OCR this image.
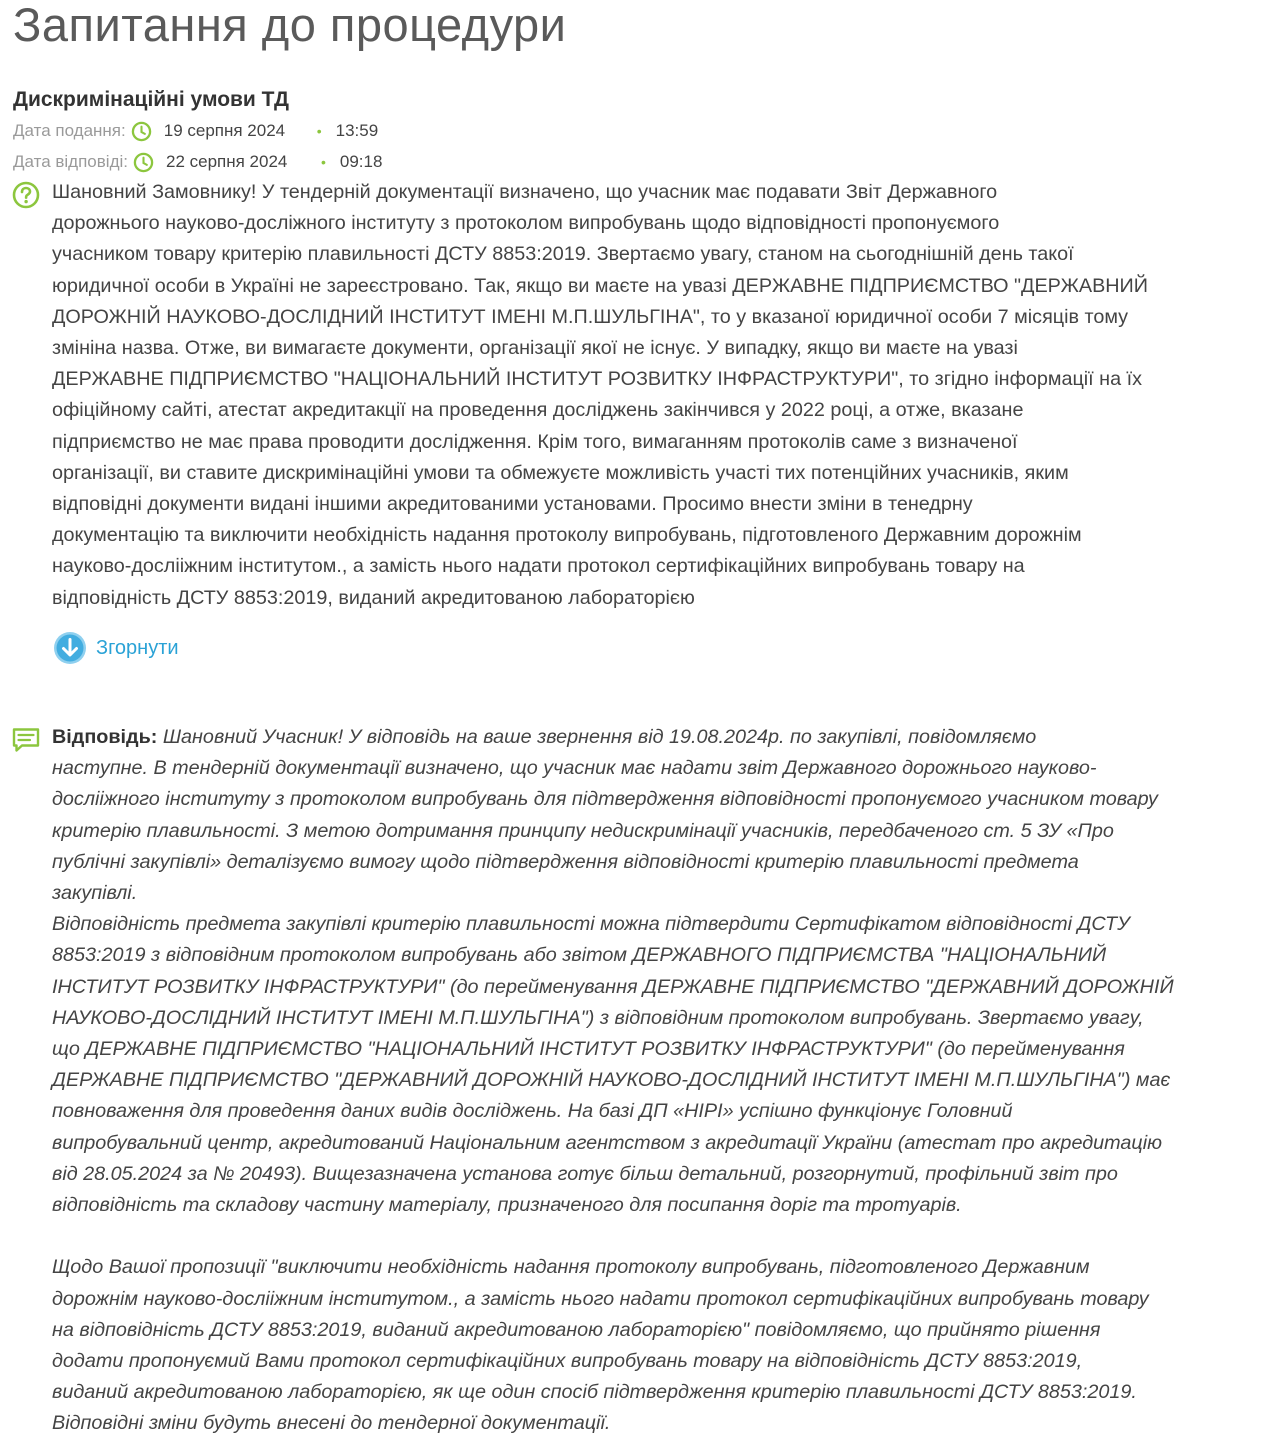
Запитання до процедури
Дискримінаційні умови ТД
Дата подання: 19 серпня 2024	• 13:59
Дата відповіді: 22 серпня 2024	• 09:18
Шановний Замовнику! У тендерній документації визначено, що учасник має подавати Звіт Державного
дорожнього науково-досліжного інституту з протоколом випробувань щодо відповідності пропонуємого
учасником товару критерію плавильності ДСТУ 8853:2019. Звертаємо увагу, станом на сьогоднішній день такої
юридичної особи в Україні не зареєстровано. Так, якщо ви маєте на увазі ДЕРЖАВНЕ ПІДПРИЄМСТВО "ДЕРЖАВНИЙ
ДОРОЖНІЙ НАУКОВО-ДОСЛІДНИЙ ІНСТИТУТ ІМЕНІ М.П.ШУЛЬГІНА", то у вказаної юридичної особи 7 місяців тому
змініна назва. Отже, ви вимагаєте документи, організації якої не існує. У випадку, якщо ви маєте на увазі
ДЕРЖАВНЕ ПІДПРИЄМСТВО "НАЦІОНАЛЬНИЙ ІНСТИТУТ РОЗВИТКУ ІНФРАСТРУКТУРИ", то згідно інформації на їх
офіційному сайті, атестат акредитакції на проведення досліджень закінчився у 2022 році, а отже, вказане
підприємство не має права проводити дослідження. Крім того, вимаганням протоколів саме з визначеної
організації, ви ставите дискримінаційні умови та обмежуєте можливість участі тих потенційних учасників, яким
відповідні документи видані іншими акредитованими установами. Просимо внести зміни в тенедрну
документацію та виключити необхідність надання протоколу випробувань, підготовленого Державним дорожнім
науково-дослііжним інститутом., а замість нього надати протокол сертифікаційних випробувань товару на
відповідність ДСТУ 8853:2019, виданий акредитованою лабораторією
Згорнути
Відповідь: Шановний Учасник! У відповідь на ваше звернення від 19.08.2024р. по закупівлі, повідомляємо
наступне. В тендерній документації визначено, що учасник має надати звіт Державного дорожнього науково-
дослііжного інституту з протоколом випробувань для підтвердження відповідності пропонуємого учасником товару
критерію плавильності. З метою дотримання принципу недискримінації учасників, передбаченого ст. 5 ЗУ «Про
публічні закупівлі» деталізуємо вимогу щодо підтвердження відповідності критерію плавильності предмета
закупівлі.
Відповідність предмета закупівлі критерію плавильності можна підтвердити Сертифікатом відповідності ДСТУ
8853:2019 з відповідним протоколом випробувань або звітом ДЕРЖАВНОГО ПІДПРИЄМСТВА "НАЦІОНАЛЬНИЙ
ІНСТИТУТ РОЗВИТКУ ІНФРАСТРУКТУРИ" (до перейменування ДЕРЖАВНЕ ПІДПРИЄМСТВО "ДЕРЖАВНИЙ ДОРОЖНІЙ
НАУКОВО-ДОСЛІДНИЙ ІНСТИТУТ ІМЕНІ М.П.ШУЛЬГІНА") з відповідним протоколом випробувань. Звертаємо увагу,
що ДЕРЖАВНЕ ПІДПРИЄМСТВО "НАЦІОНАЛЬНИЙ ІНСТИТУТ РОЗВИТКУ ІНФРАСТРУКТУРИ" (до перейменування
ДЕРЖАВНЕ ПІДПРИЄМСТВО "ДЕРЖАВНИЙ ДОРОЖНІЙ НАУКОВО-ДОСЛІДНИЙ ІНСТИТУТ ІМЕНІ М.П.ШУЛЬГІНА") має
повноваження для проведення даних видів досліджень. На базі ДП «НІРІ» успішно функціонує Головний
випробувальний центр, акредитований Національним агентством з акредитації України (атестат про акредитацію
від 28.05.2024 за № 20493). Вищезазначена установа готує більш детальний, розгорнутий, профільний звіт про
відповідність та складову частину матеріалу, призначеного для посипання доріг та тротуарів.
Щодо Вашої пропозиції "виключити необхідність надання протоколу випробувань, підготовленого Державним
дорожнім науково-дослііжним інститутом., а замість нього надати протокол сертифікаційних випробувань товару
на відповідність ДСТУ 8853:2019, виданий акредитованою лабораторією" повідомляємо, що прийнято рішення
додати пропонуємий Вами протокол сертифікаційних випробувань товару на відповідність ДСТУ 8853:2019,
виданий акредитованою лабораторією, як ще один спосіб підтвердження критерію плавильності ДСТУ 8853:2019.
Відповідні зміни будуть внесені до тендерної документації.
